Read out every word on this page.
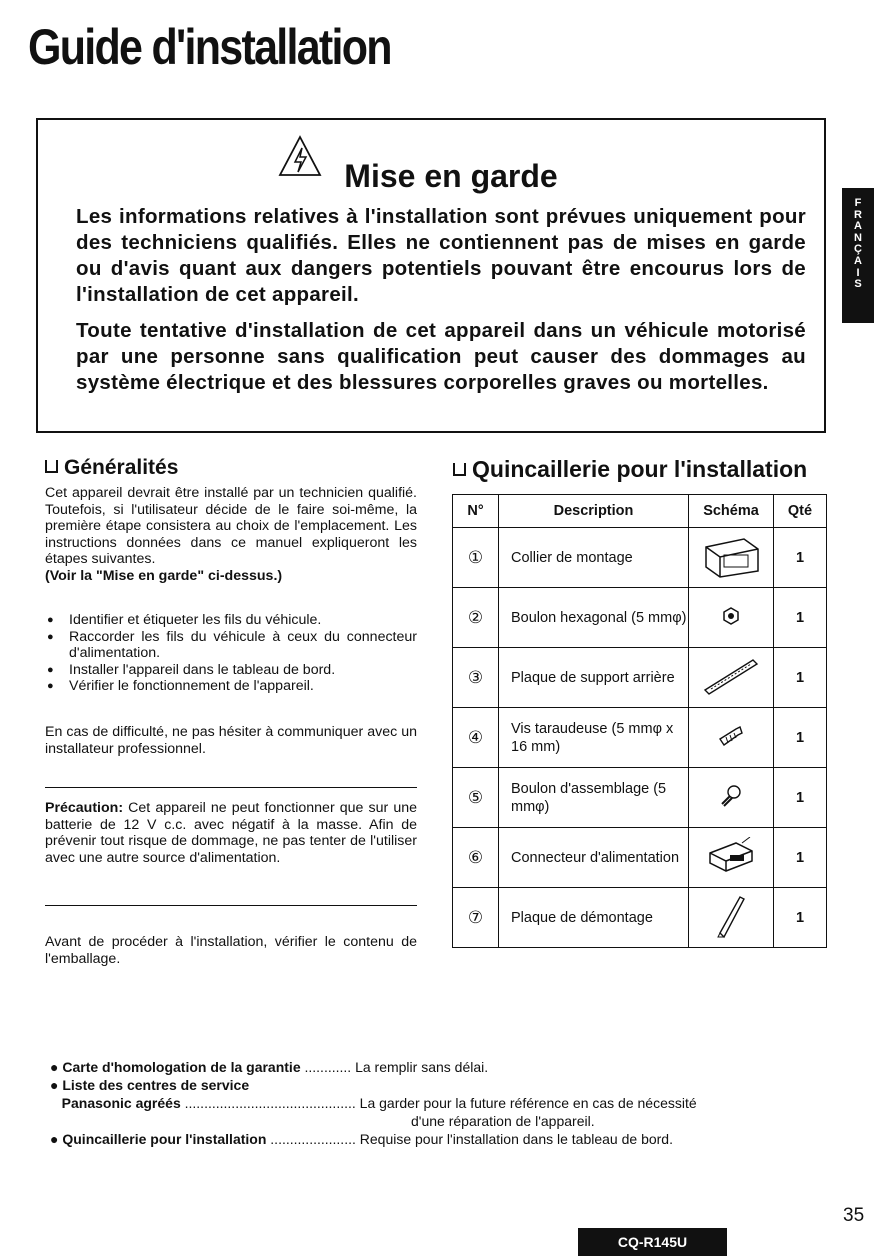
Guide d'installation
Mise en garde
Les informations relatives à l'installation sont prévues uniquement pour des techniciens qualifiés. Elles ne contiennent pas de mises en garde ou d'avis quant aux dangers potentiels pouvant être encourus lors de l'installation de cet appareil.
Toute tentative d'installation de cet appareil dans un véhicule motorisé par une personne sans qualification peut causer des dommages au système électrique et des blessures corporelles graves ou mortelles.
F
R
A
N
Ç
A
I
S
Généralités
Cet appareil devrait être installé par un technicien qualifié. Toutefois, si l'utilisateur décide de le faire soi-même, la première étape consistera au choix de l'emplacement. Les instructions données dans ce manuel expliqueront les étapes suivantes.
(Voir la "Mise en garde" ci-dessus.)
● Identifier et étiqueter les fils du véhicule.
● Raccorder les fils du véhicule à ceux du connecteur d'alimentation.
● Installer l'appareil dans le tableau de bord.
● Vérifier le fonctionnement de l'appareil.
En cas de difficulté, ne pas hésiter à communiquer avec un installateur professionnel.
Précaution: Cet appareil ne peut fonctionner que sur une batterie de 12 V c.c. avec négatif à la masse. Afin de prévenir tout risque de dommage, ne pas tenter de l'utiliser avec une autre source d'alimentation.
Avant de procéder à l'installation, vérifier le contenu de l'emballage.
Quincaillerie pour l'installation
N°	Description	Schéma	Qté
①	Collier de montage		1
②	Boulon hexagonal (5 mmφ)		1
③	Plaque de support arrière		1
④	Vis taraudeuse (5 mmφ x 16 mm)		1
⑤	Boulon d'assemblage (5 mmφ)		1
⑥	Connecteur d'alimentation		1
⑦	Plaque de démontage		1
● Carte d'homologation de la garantie ............ La remplir sans délai.
● Liste des centres de service
Panasonic agréés ............................................ La garder pour la future référence en cas de nécessité
d'une réparation de l'appareil.
● Quincaillerie pour l'installation ...................... Requise pour l'installation dans le tableau de bord.
35
CQ-R145U
